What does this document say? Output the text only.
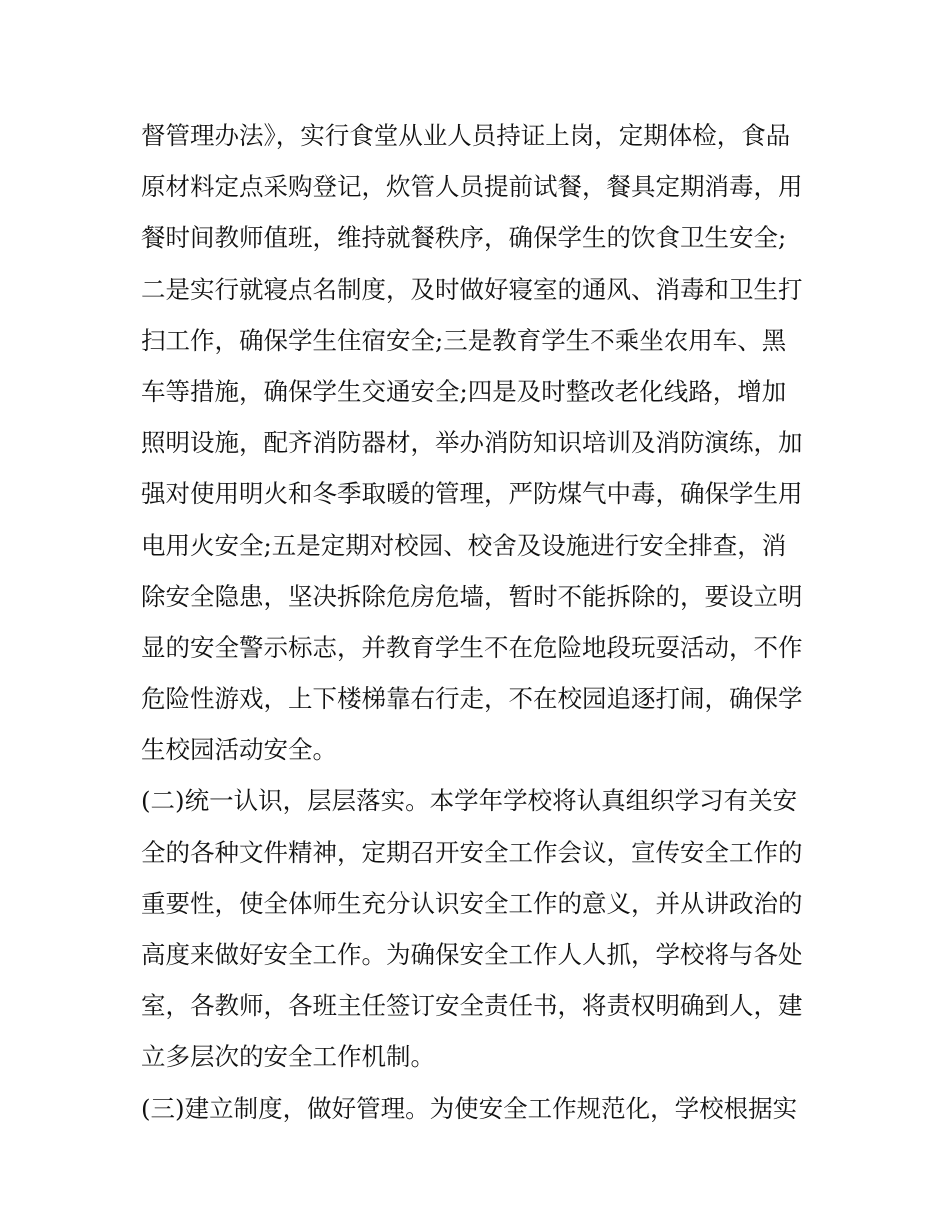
督管理办法》，实行食堂从业人员持证上岗，定期体检，食品
原材料定点采购登记，炊管人员提前试餐，餐具定期消毒，用
餐时间教师值班，维持就餐秩序，确保学生的饮食卫生安全;
二是实行就寝点名制度，及时做好寝室的通风、消毒和卫生打
扫工作，确保学生住宿安全;三是教育学生不乘坐农用车、黑
车等措施，确保学生交通安全;四是及时整改老化线路，增加
照明设施，配齐消防器材，举办消防知识培训及消防演练，加
强对使用明火和冬季取暖的管理，严防煤气中毒，确保学生用
电用火安全;五是定期对校园、校舍及设施进行安全排查，消
除安全隐患，坚决拆除危房危墙，暂时不能拆除的，要设立明
显的安全警示标志，并教育学生不在危险地段玩耍活动，不作
危险性游戏，上下楼梯靠右行走，不在校园追逐打闹，确保学
生校园活动安全。
(二)统一认识，层层落实。本学年学校将认真组织学习有关安
全的各种文件精神，定期召开安全工作会议，宣传安全工作的
重要性，使全体师生充分认识安全工作的意义，并从讲政治的
高度来做好安全工作。为确保安全工作人人抓，学校将与各处
室，各教师，各班主任签订安全责任书，将责权明确到人，建
立多层次的安全工作机制。
(三)建立制度，做好管理。为使安全工作规范化，学校根据实
